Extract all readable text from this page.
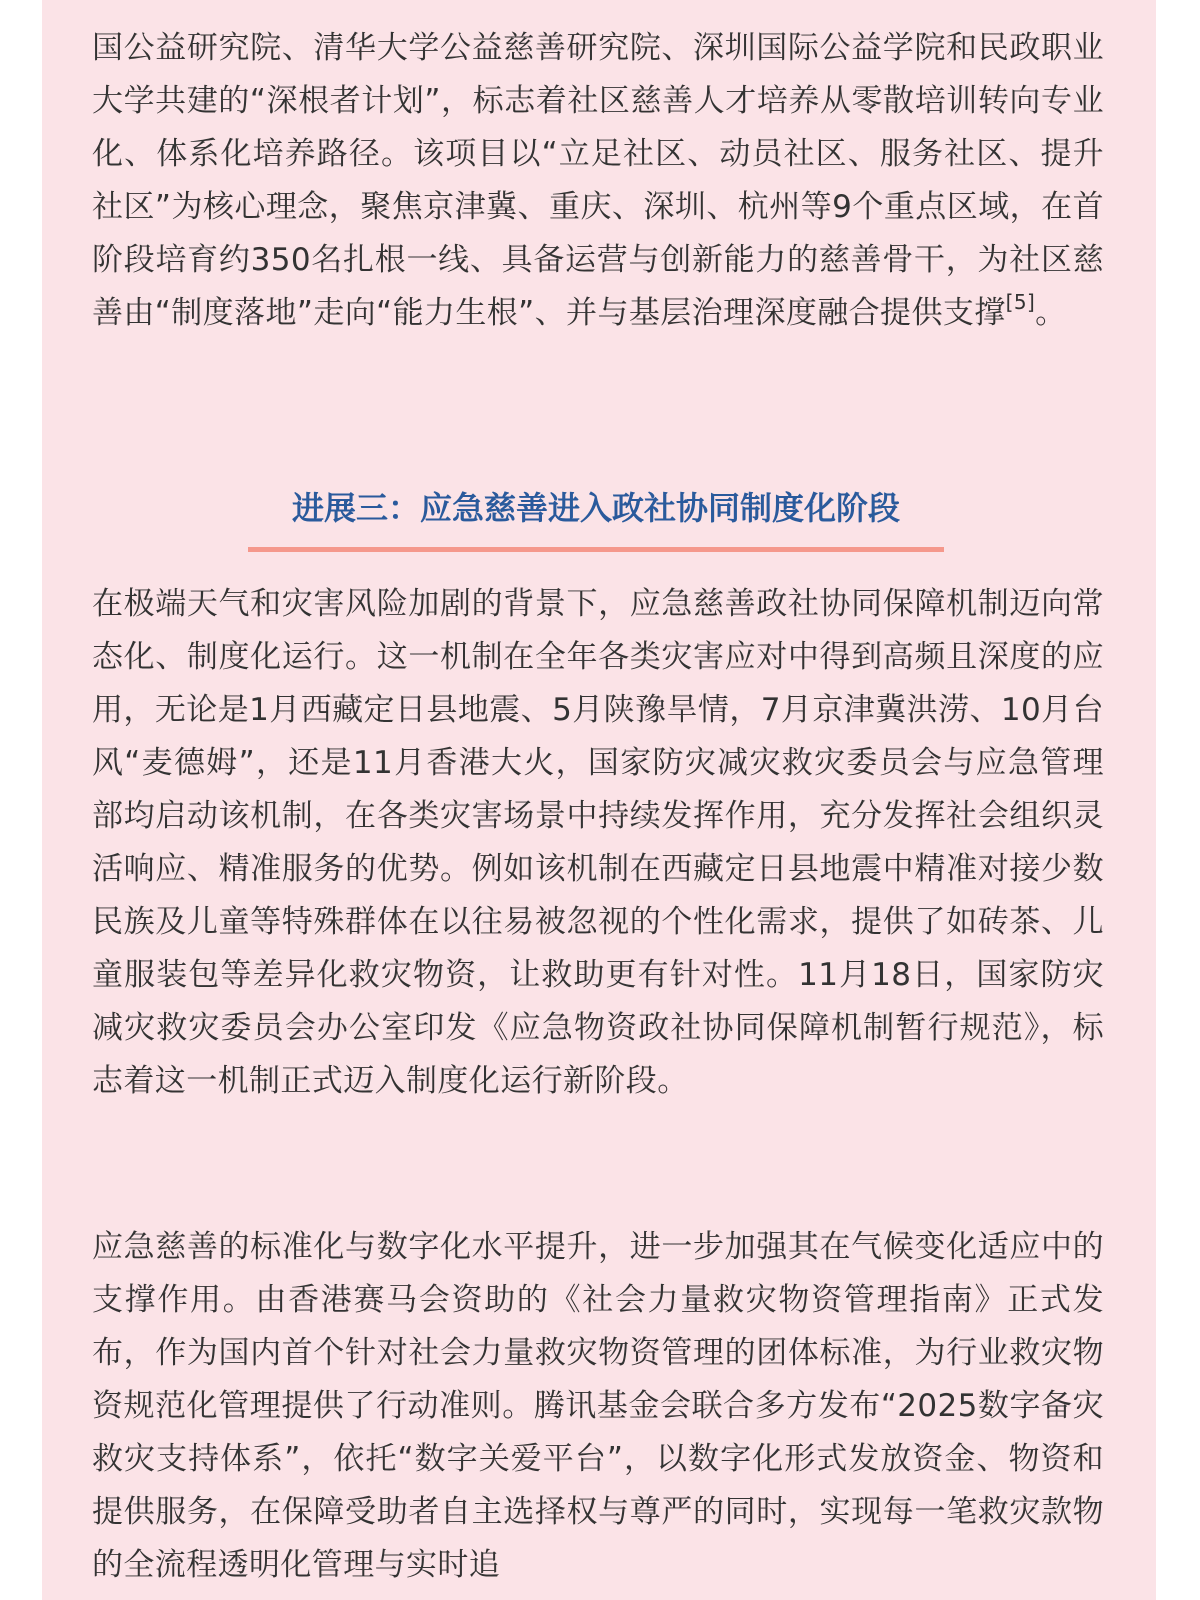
国公益研究院、清华大学公益慈善研究院、深圳国际公益学院和民政职业大学共建的“深根者计划”，标志着社区慈善人才培养从零散培训转向专业化、体系化培养路径。该项目以“立足社区、动员社区、服务社区、提升社区”为核心理念，聚焦京津冀、重庆、深圳、杭州等9个重点区域，在首阶段培育约350名扎根一线、具备运营与创新能力的慈善骨干，为社区慈善由“制度落地”走向“能力生根”、并与基层治理深度融合提供支撑[5]。

进展三：应急慈善进入政社协同制度化阶段

在极端天气和灾害风险加剧的背景下，应急慈善政社协同保障机制迈向常态化、制度化运行。这一机制在全年各类灾害应对中得到高频且深度的应用，无论是1月西藏定日县地震、5月陕豫旱情，7月京津冀洪涝、10月台风“麦德姆”，还是11月香港大火，国家防灾减灾救灾委员会与应急管理部均启动该机制，在各类灾害场景中持续发挥作用，充分发挥社会组织灵活响应、精准服务的优势。例如该机制在西藏定日县地震中精准对接少数民族及儿童等特殊群体在以往易被忽视的个性化需求，提供了如砖茶、儿童服装包等差异化救灾物资，让救助更有针对性。11月18日，国家防灾减灾救灾委员会办公室印发《应急物资政社协同保障机制暂行规范》，标志着这一机制正式迈入制度化运行新阶段。

应急慈善的标准化与数字化水平提升，进一步加强其在气候变化适应中的支撑作用。由香港赛马会资助的《社会力量救灾物资管理指南》正式发布，作为国内首个针对社会力量救灾物资管理的团体标准，为行业救灾物资规范化管理提供了行动准则。腾讯基金会联合多方发布“2025数字备灾救灾支持体系”，依托“数字关爱平台”，以数字化形式发放资金、物资和提供服务，在保障受助者自主选择权与尊严的同时，实现每一笔救灾款物的全流程透明化管理与实时追
